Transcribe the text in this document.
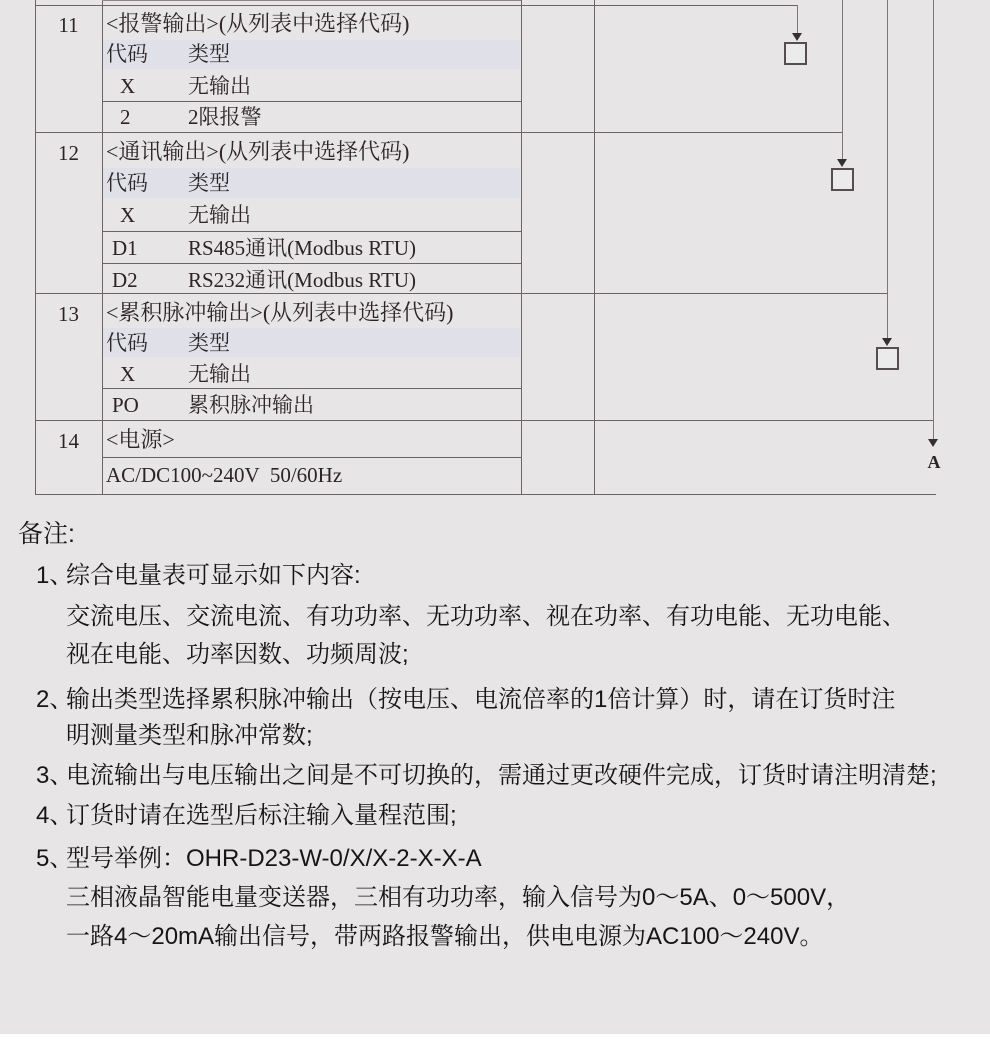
A
11	<报警输出>(从列表中选择代码)
代码 类型
X	无输出
2	2限报警
12	<通讯输出>(从列表中选择代码)
代码 类型
X	无输出
D1 RS485通讯(Modbus RTU)
D2 RS232通讯(Modbus RTU)
13	<累积脉冲输出>(从列表中选择代码)
代码 类型
X	无输出
PO 累积脉冲输出
14	<电源>
AC/DC100~240V  50/60Hz
备注:
1、
综合电量表可显示如下内容:
交流电压、交流电流、有功功率、无功功率、视在功率、有功电能、无功电能、
视在电能、功率因数、功频周波;
2、
输出类型选择累积脉冲输出（按电压、电流倍率的1倍计算）时，请在订货时注
明测量类型和脉冲常数;
3、
电流输出与电压输出之间是不可切换的，需通过更改硬件完成，订货时请注明清楚;
4、
订货时请在选型后标注输入量程范围;
5、
型号举例：OHR-D23-W-0/X/X-2-X-X-A
三相液晶智能电量变送器，三相有功功率，输入信号为0～5A、0～500V，
一路4～20mA输出信号，带两路报警输出，供电电源为AC100～240V。
